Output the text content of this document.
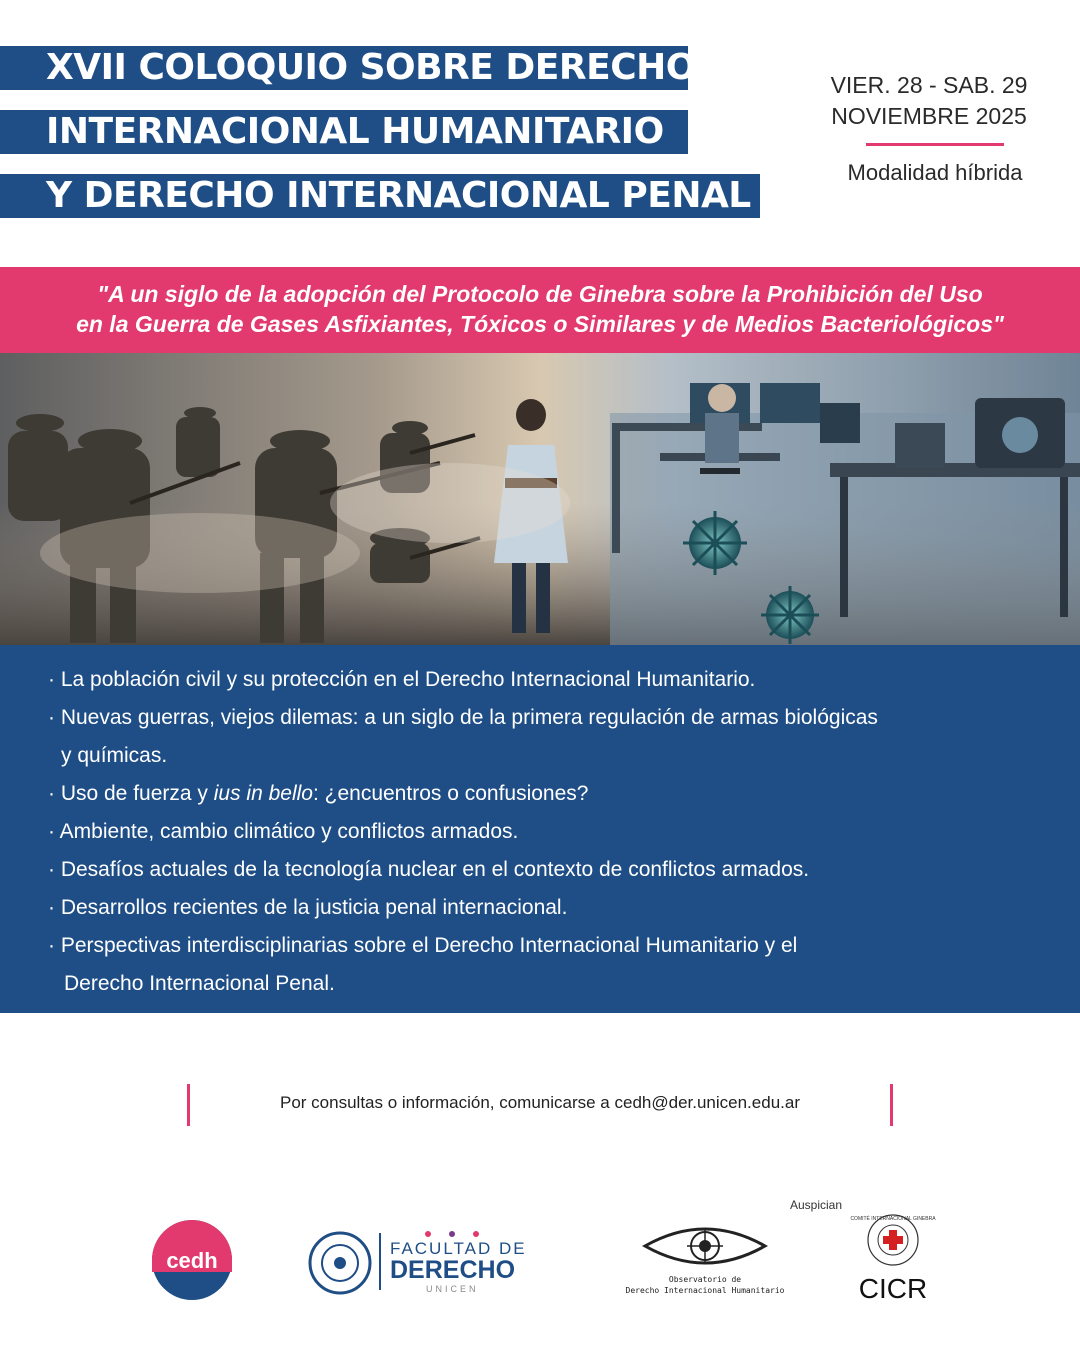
XVII COLOQUIO SOBRE DERECHO
INTERNACIONAL HUMANITARIO
Y DERECHO INTERNACIONAL PENAL
VIER. 28 - SAB. 29
NOVIEMBRE 2025
Modalidad híbrida
"A un siglo de la adopción del Protocolo de Ginebra sobre la Prohibición del Uso
en la Guerra de Gases Asfixiantes, Tóxicos o Similares y de Medios Bacteriológicos"
· La población civil y su protección en el Derecho Internacional Humanitario.
· Nuevas guerras, viejos dilemas: a un siglo de la primera regulación de armas biológicas
y químicas.
· Uso de fuerza y ius in bello: ¿encuentros o confusiones?
· Ambiente, cambio climático y conflictos armados.
· Desafíos actuales de la tecnología nuclear en el contexto de conflictos armados.
· Desarrollos recientes de la justicia penal internacional.
· Perspectivas interdisciplinarias sobre el Derecho Internacional Humanitario y el
Derecho Internacional Penal.
Por consultas o información, comunicarse a cedh@der.unicen.edu.ar
Auspician
cedh	FACULTAD DE
DERECHO
UNICEN
Observatorio de
Derecho Internacional Humanitario
COMITÉ INTERNACIONAL GINEBRA
CICR
